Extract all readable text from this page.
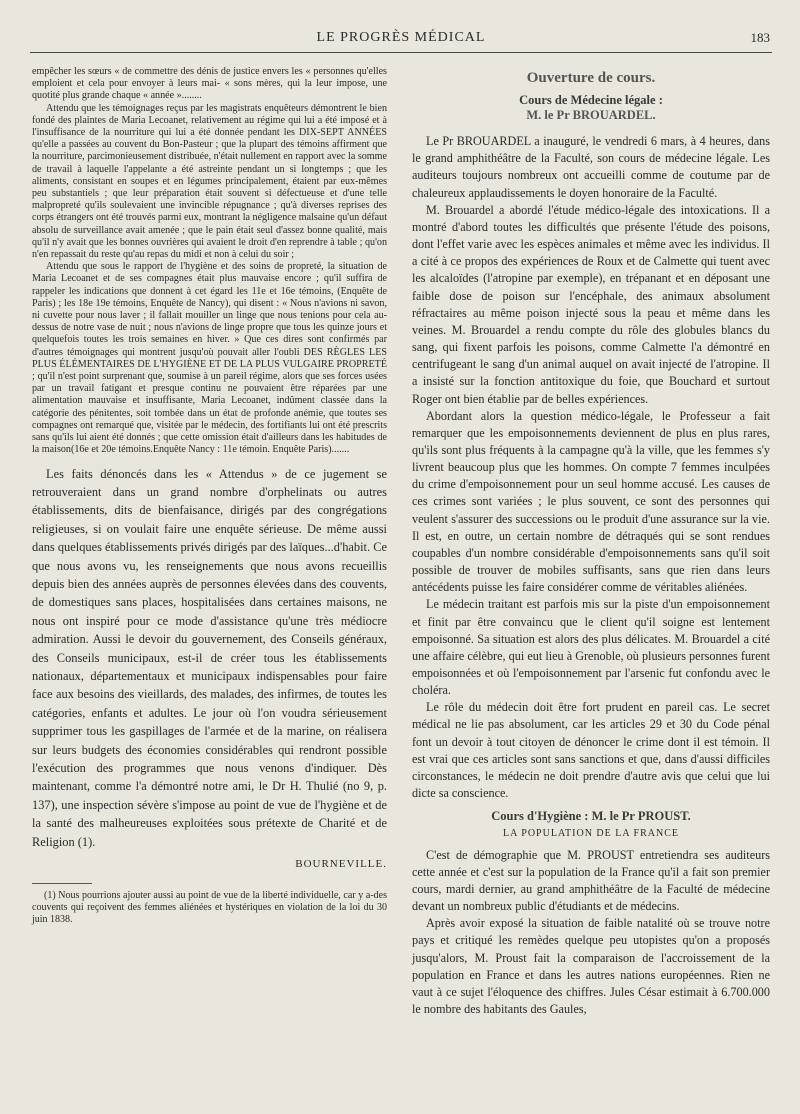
LE PROGRÈS MÉDICAL	183

empêcher les sœurs « de commettre des dénis de justice envers les « personnes qu'elles emploient et cela pour envoyer à leurs mai- « sons mères, qui la leur impose, une quotité plus grande chaque « année »........

Attendu que les témoignages reçus par les magistrats enquêteurs démontrent le bien fondé des plaintes de Maria Lecoanet, relativement au régime qui lui a été imposé et à l'insuffisance de la nourriture qui lui a été donnée pendant les DIX-SEPT ANNÉES qu'elle a passées au couvent du Bon-Pasteur ; que la plupart des témoins affirment que la nourriture, parcimonieusement distribuée, n'était nullement en rapport avec la somme de travail à laquelle l'appelante a été astreinte pendant un si longtemps ; que les aliments, consistant en soupes et en légumes principalement, étaient par eux-mêmes peu substantiels ; que leur préparation était souvent si défectueuse et d'une telle malpropreté qu'ils soulevaient une invincible répugnance ; qu'à diverses reprises des corps étrangers ont été trouvés parmi eux, montrant la négligence malsaine qu'un défaut absolu de surveillance avait amenée ; que le pain était seul d'assez bonne qualité, mais qu'il n'y avait que les bonnes ouvrières qui avaient le droit d'en reprendre à table ; qu'on n'en repassait du reste qu'au repas du midi et non à celui du soir ;

Attendu que sous le rapport de l'hygiène et des soins de propreté, la situation de Maria Lecoanet et de ses compagnes était plus mauvaise encore ; qu'il suffira de rappeler les indications que donnent à cet égard les 11e et 16e témoins, (Enquête de Paris) ; les 18e 19e témoins, Enquête de Nancy), qui disent : « Nous n'avions ni savon, ni cuvette pour nous laver ; il fallait mouiller un linge que nous tenions pour cela au-dessus de notre vase de nuit ; nous n'avions de linge propre que tous les quinze jours et quelquefois toutes les trois semaines en hiver. » Que ces dires sont confirmés par d'autres témoignages qui montrent jusqu'où pouvait aller l'oubli DES RÈGLES LES PLUS ÉLÉMENTAIRES DE L'HYGIÈNE ET DE LA PLUS VULGAIRE PROPRETÉ ; qu'il n'est point surprenant que, soumise à un pareil régime, alors que ses forces usées par un travail fatigant et presque continu ne pouvaient être réparées par une alimentation mauvaise et insuffisante, Maria Lecoanet, indûment classée dans la catégorie des pénitentes, soit tombée dans un état de profonde anémie, que toutes ses compagnes ont remarqué que, visitée par le médecin, des fortifiants lui ont été prescrits sans qu'ils lui aient été donnés ; que cette omission était d'ailleurs dans les habitudes de la maison(16e et 20e témoins.Enquête Nancy : 11e témoin. Enquête Paris).......

Les faits dénoncés dans les « Attendus » de ce jugement se retrouveraient dans un grand nombre d'orphelinats ou autres établissements, dits de bienfaisance, dirigés par des congrégations religieuses, si on voulait faire une enquête sérieuse. De même aussi dans quelques établissements privés dirigés par des laïques...d'habit. Ce que nous avons vu, les renseignements que nous avons recueillis depuis bien des années auprès de personnes élevées dans des couvents, de domestiques sans places, hospitalisées dans certaines maisons, ne nous ont inspiré pour ce mode d'assistance qu'une très médiocre admiration. Aussi le devoir du gouvernement, des Conseils généraux, des Conseils municipaux, est-il de créer tous les établissements nationaux, départementaux et municipaux indispensables pour faire face aux besoins des vieillards, des malades, des infirmes, de toutes les catégories, enfants et adultes. Le jour où l'on voudra sérieusement supprimer tous les gaspillages de l'armée et de la marine, on réalisera sur leurs budgets des économies considérables qui rendront possible l'exécution des programmes que nous venons d'indiquer. Dès maintenant, comme l'a démontré notre ami, le Dr H. Thulié (no 9, p. 137), une inspection sévère s'impose au point de vue de l'hygiène et de la santé des malheureuses exploitées sous prétexte de Charité et de Religion (1).

BOURNEVILLE.

(1) Nous pourrions ajouter aussi au point de vue de la liberté individuelle, car y a-des couvents qui reçoivent des femmes aliénées et hystériques en violation de la loi du 30 juin 1838.

Ouverture de cours.

Cours de Médecine légale :

M. le Pr BROUARDEL.

Le Pr BROUARDEL a inauguré, le vendredi 6 mars, à 4 heures, dans le grand amphithéâtre de la Faculté, son cours de médecine légale. Les auditeurs toujours nombreux ont accueilli comme de coutume par de chaleureux applaudissements le doyen honoraire de la Faculté.

M. Brouardel a abordé l'étude médico-légale des intoxications. Il a montré d'abord toutes les difficultés que présente l'étude des poisons, dont l'effet varie avec les espèces animales et même avec les individus. Il a cité à ce propos des expériences de Roux et de Calmette qui tuent avec les alcaloïdes (l'atropine par exemple), en trépanant et en déposant une faible dose de poison sur l'encéphale, des animaux absolument réfractaires au même poison injecté sous la peau et même dans les veines. M. Brouardel a rendu compte du rôle des globules blancs du sang, qui fixent parfois les poisons, comme Calmette l'a démontré en centrifugeant le sang d'un animal auquel on avait injecté de l'atropine. Il a insisté sur la fonction antitoxique du foie, que Bouchard et surtout Roger ont bien établie par de belles expériences.

Abordant alors la question médico-légale, le Professeur a fait remarquer que les empoisonnements deviennent de plus en plus rares, qu'ils sont plus fréquents à la campagne qu'à la ville, que les femmes s'y livrent beaucoup plus que les hommes. On compte 7 femmes inculpées du crime d'empoisonnement pour un seul homme accusé. Les causes de ces crimes sont variées ; le plus souvent, ce sont des personnes qui veulent s'assurer des successions ou le produit d'une assurance sur la vie. Il est, en outre, un certain nombre de détraqués qui se sont rendues coupables d'un nombre considérable d'empoisonnements sans qu'il soit possible de trouver de mobiles suffisants, sans que rien dans leurs antécédents puisse les faire considérer comme de véritables aliénées.

Le médecin traitant est parfois mis sur la piste d'un empoisonnement et finit par être convaincu que le client qu'il soigne est lentement empoisonné. Sa situation est alors des plus délicates. M. Brouardel a cité une affaire célèbre, qui eut lieu à Grenoble, où plusieurs personnes furent empoisonnées et où l'empoisonnement par l'arsenic fut confondu avec le choléra.

Le rôle du médecin doit être fort prudent en pareil cas. Le secret médical ne lie pas absolument, car les articles 29 et 30 du Code pénal font un devoir à tout citoyen de dénoncer le crime dont il est témoin. Il est vrai que ces articles sont sans sanctions et que, dans d'aussi difficiles circonstances, le médecin ne doit prendre d'autre avis que celui que lui dicte sa conscience.

Cours d'Hygiène : M. le Pr PROUST.

LA POPULATION DE LA FRANCE

C'est de démographie que M. PROUST entretiendra ses auditeurs cette année et c'est sur la population de la France qu'il a fait son premier cours, mardi dernier, au grand amphithéâtre de la Faculté de médecine devant un nombreux public d'étudiants et de médecins.

Après avoir exposé la situation de faible natalité où se trouve notre pays et critiqué les remèdes quelque peu utopistes qu'on a proposés jusqu'alors, M. Proust fait la comparaison de l'accroissement de la population en France et dans les autres nations européennes. Rien ne vaut à ce sujet l'éloquence des chiffres. Jules César estimait à 6.700.000 le nombre des habitants des Gaules,
